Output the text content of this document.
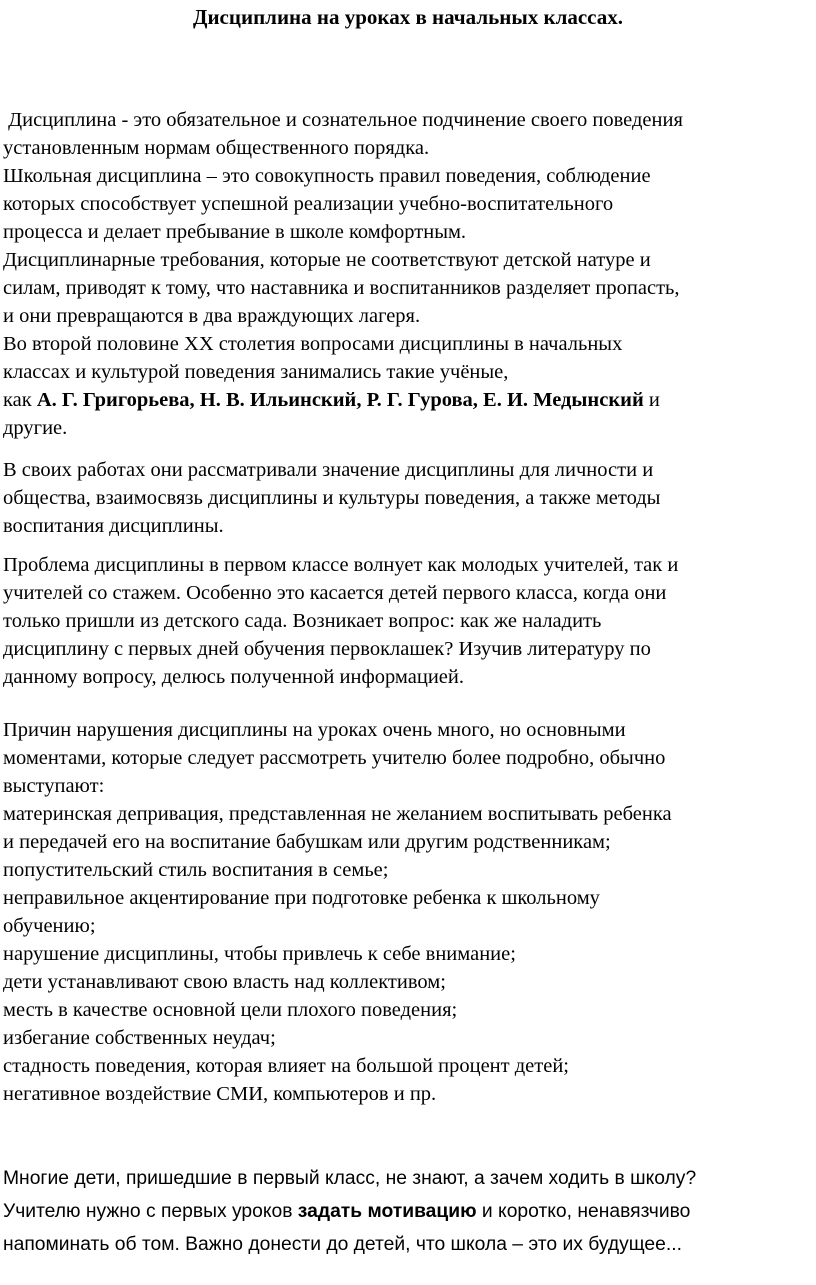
Дисциплина на уроках в начальных классах.
Дисциплина - это обязательное и сознательное подчинение своего поведения
установленным нормам общественного порядка.
Школьная дисциплина – это совокупность правил поведения, соблюдение
которых способствует успешной реализации учебно-воспитательного
процесса и делает пребывание в школе комфортным.
Дисциплинарные требования, которые не соответствуют детской натуре и
силам, приводят к тому, что наставника и воспитанников разделяет пропасть,
и они превращаются в два враждующих лагеря.
Во второй половине XX столетия вопросами дисциплины в начальных
классах и культурой поведения занимались такие учёные,
как А. Г. Григорьева, Н. В. Ильинский, Р. Г. Гурова, Е. И. Медынский и
другие.
В своих работах они рассматривали значение дисциплины для личности и
общества, взаимосвязь дисциплины и культуры поведения, а также методы
воспитания дисциплины.
Проблема дисциплины в первом классе волнует как молодых учителей, так и
учителей со стажем. Особенно это касается детей первого класса, когда они
только пришли из детского сада. Возникает вопрос: как же наладить
дисциплину с первых дней обучения первоклашек? Изучив литературу по
данному вопросу, делюсь полученной информацией.
Причин нарушения дисциплины на уроках очень много, но основными
моментами, которые следует рассмотреть учителю более подробно, обычно
выступают:
материнская депривация, представленная не желанием воспитывать ребенка
и передачей его на воспитание бабушкам или другим родственникам;
попустительский стиль воспитания в семье;
неправильное акцентирование при подготовке ребенка к школьному
обучению;
нарушение дисциплины, чтобы привлечь к себе внимание;
дети устанавливают свою власть над коллективом;
месть в качестве основной цели плохого поведения;
избегание собственных неудач;
стадность поведения, которая влияет на большой процент детей;
негативное воздействие СМИ, компьютеров и пр.
Многие дети, пришедшие в первый класс, не знают, а зачем ходить в школу?
Учителю нужно с первых уроков задать мотивацию и коротко, ненавязчиво
напоминать об том. Важно донести до детей, что школа – это их будущее...
